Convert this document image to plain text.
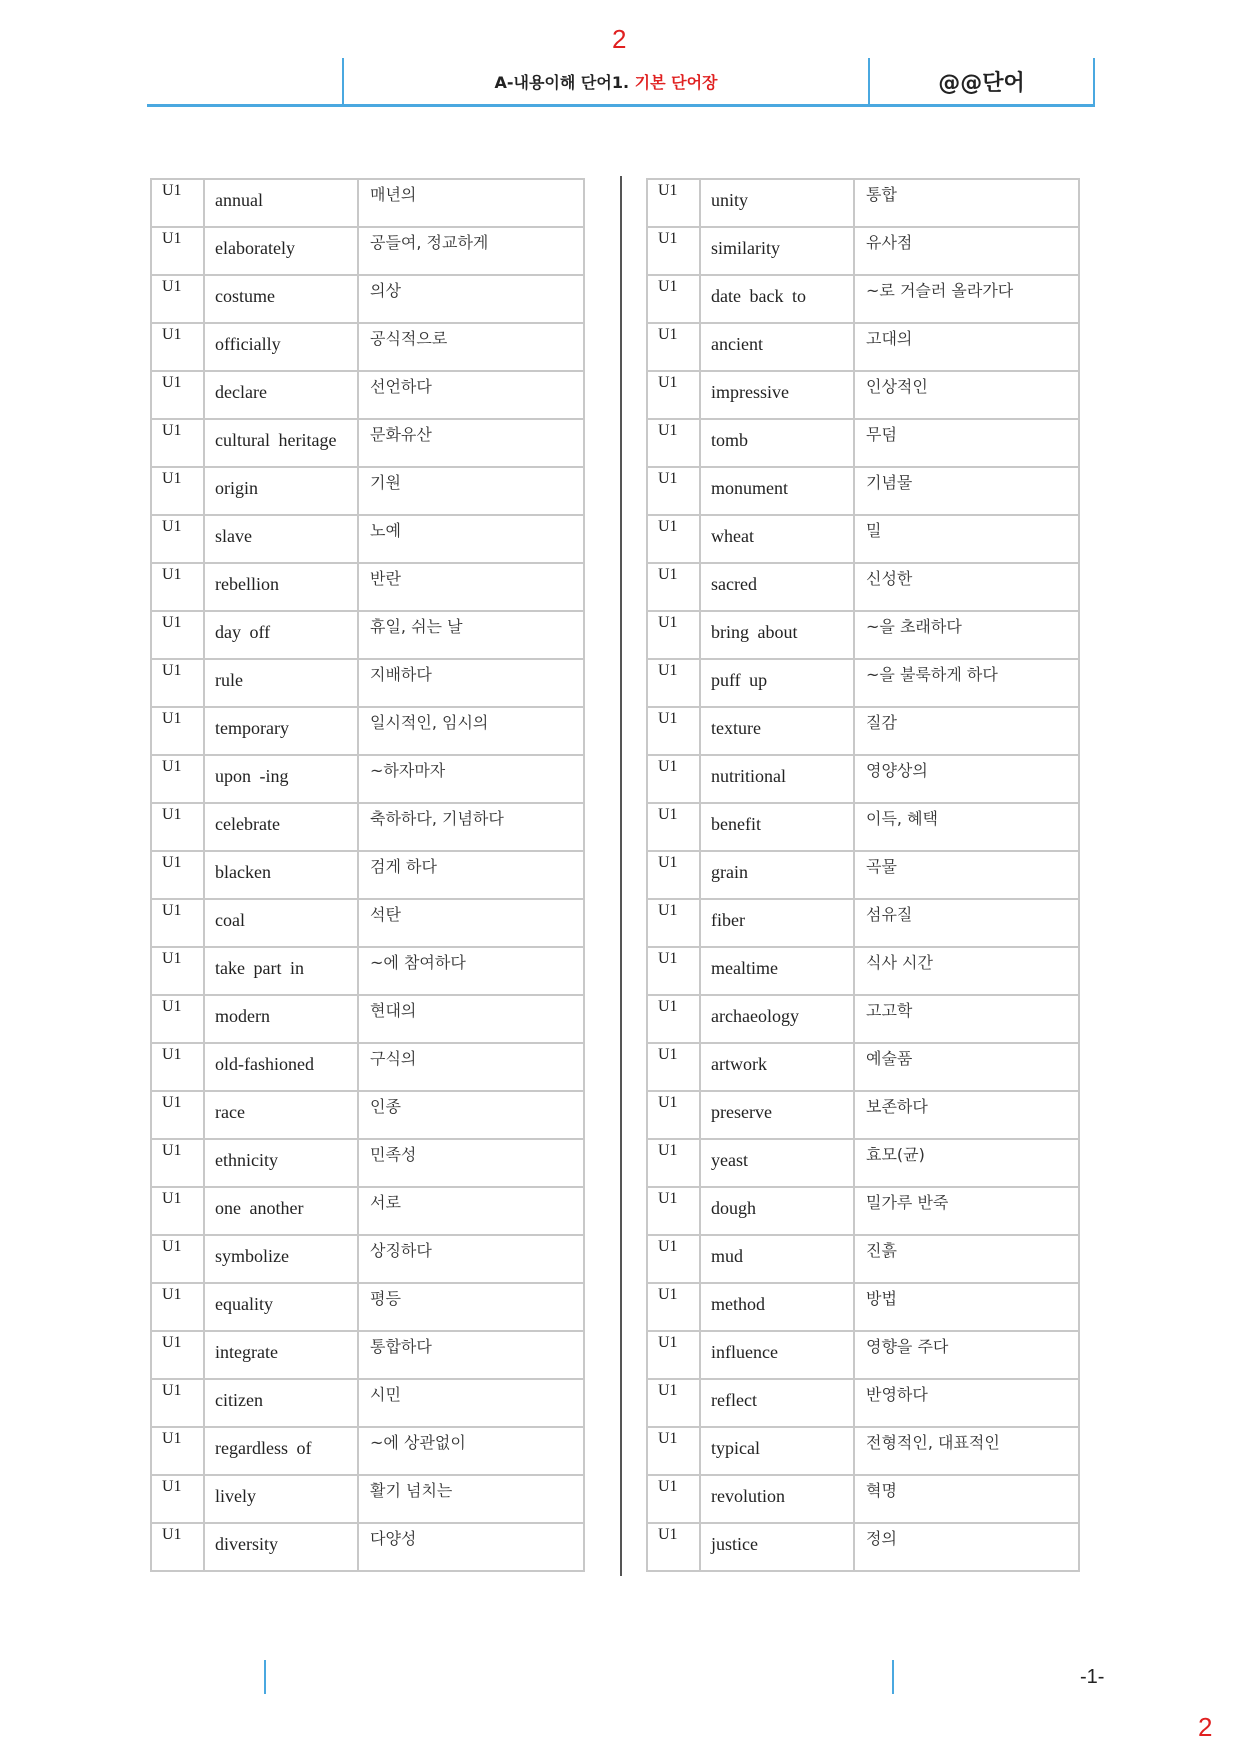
2
A-내용이해 단어1. 기본 단어장	@@단어
U1	annual	매년의
U1	elaborately	공들여, 정교하게
U1	costume	의상
U1	officially	공식적으로
U1	declare	선언하다
U1	cultural heritage	문화유산
U1	origin	기원
U1	slave	노예
U1	rebellion	반란
U1	day off	휴일, 쉬는 날
U1	rule	지배하다
U1	temporary	일시적인, 임시의
U1	upon -ing	~하자마자
U1	celebrate	축하하다, 기념하다
U1	blacken	검게 하다
U1	coal	석탄
U1	take part in	~에 참여하다
U1	modern	현대의
U1	old-fashioned	구식의
U1	race	인종
U1	ethnicity	민족성
U1	one another	서로
U1	symbolize	상징하다
U1	equality	평등
U1	integrate	통합하다
U1	citizen	시민
U1	regardless of	~에 상관없이
U1	lively	활기 넘치는
U1	diversity	다양성
U1	unity	통합
U1	similarity	유사점
U1	date back to	~로 거슬러 올라가다
U1	ancient	고대의
U1	impressive	인상적인
U1	tomb	무덤
U1	monument	기념물
U1	wheat	밀
U1	sacred	신성한
U1	bring about	~을 초래하다
U1	puff up	~을 불룩하게 하다
U1	texture	질감
U1	nutritional	영양상의
U1	benefit	이득, 혜택
U1	grain	곡물
U1	fiber	섬유질
U1	mealtime	식사 시간
U1	archaeology	고고학
U1	artwork	예술품
U1	preserve	보존하다
U1	yeast	효모(균)
U1	dough	밀가루 반죽
U1	mud	진흙
U1	method	방법
U1	influence	영향을 주다
U1	reflect	반영하다
U1	typical	전형적인, 대표적인
U1	revolution	혁명
U1	justice	정의
-1-
2
